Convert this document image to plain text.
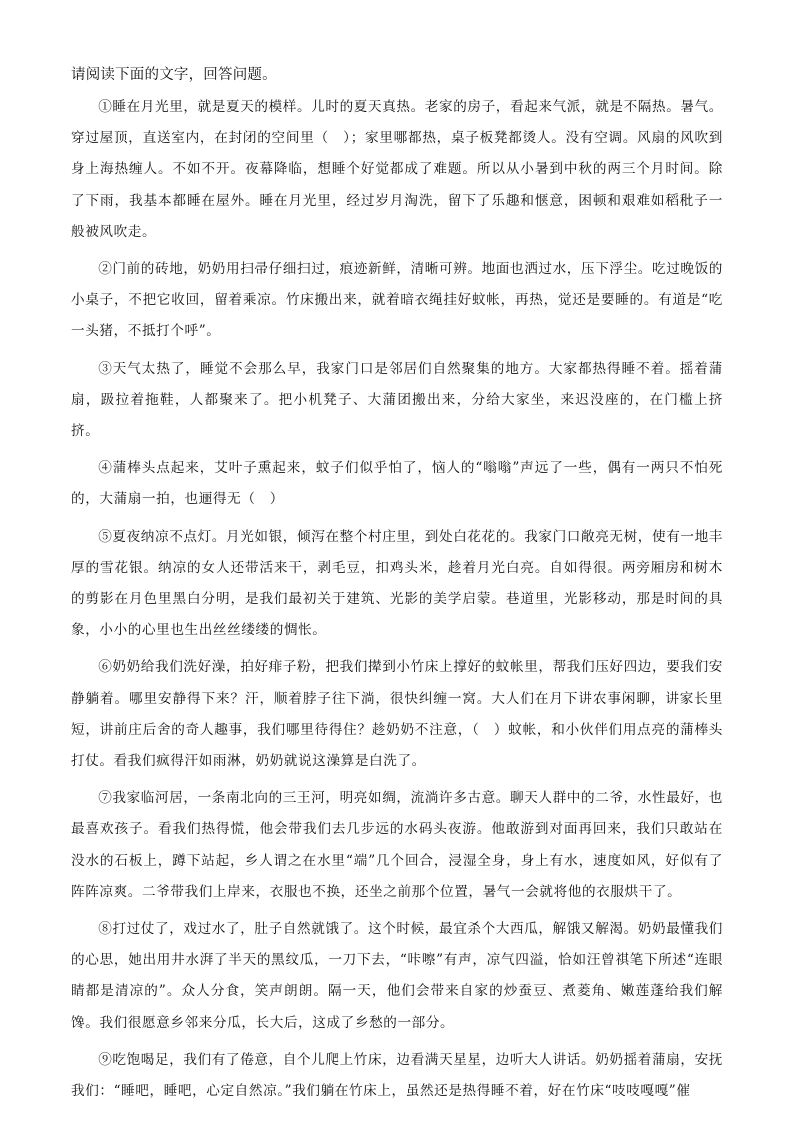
请阅读下面的文字，回答问题。

①睡在月光里，就是夏天的模样。儿时的夏天真热。老家的房子，看起来气派，就是不隔热。暑气。穿过屋顶，直送室内，在封闭的空间里（　）；家里哪都热，桌子板凳都烫人。没有空调。风扇的风吹到身上海热缠人。不如不开。夜幕降临，想睡个好觉都成了难题。所以从小暑到中秋的两三个月时间。除了下雨，我基本都睡在屋外。睡在月光里，经过岁月淘洗，留下了乐趣和惬意，困顿和艰难如稻秕子一般被风吹走。

②门前的砖地，奶奶用扫帚仔细扫过，痕迹新鲜，清晰可辨。地面也洒过水，压下浮尘。吃过晚饭的小桌子，不把它收回，留着乘凉。竹床搬出来，就着暗衣绳挂好蚊帐，再热，觉还是要睡的。有道是“吃一头猪，不抵打个呼”。

③天气太热了，睡觉不会那么早，我家门口是邻居们自然聚集的地方。大家都热得睡不着。摇着蒲扇，趿拉着拖鞋，人都聚来了。把小机凳子、大蒲团搬出来，分给大家坐，来迟没座的，在门槛上挤挤。

④蒲棒头点起来，艾叶子熏起来，蚊子们似乎怕了，恼人的“嗡嗡”声远了一些，偶有一两只不怕死的，大蒲扇一拍，也逦得无（　）

⑤夏夜纳凉不点灯。月光如银，倾泻在整个村庄里，到处白花花的。我家门口敞亮无树，使有一地丰厚的雪花银。纳凉的女人还带活来干，剥毛豆，扣鸡头米，趁着月光白亮。自如得很。两旁厢房和树木的剪影在月色里黑白分明，是我们最初关于建筑、光影的美学启蒙。巷道里，光影移动，那是时间的具象，小小的心里也生出丝丝缕缕的惆怅。

⑥奶奶给我们洗好澡，拍好痱子粉，把我们撵到小竹床上撑好的蚊帐里，帮我们压好四边，要我们安静躺着。哪里安静得下来？汗，顺着脖子往下淌，很快纠缠一窝。大人们在月下讲农事闲聊，讲家长里短，讲前庄后舍的奇人趣事，我们哪里待得住？趁奶奶不注意，（　）蚊帐，和小伙伴们用点亮的蒲棒头打仗。看我们疯得汗如雨淋，奶奶就说这澡算是白洗了。

⑦我家临河居，一条南北向的三王河，明亮如绸，流淌许多古意。聊天人群中的二爷，水性最好，也最喜欢孩子。看我们热得慌，他会带我们去几步远的水码头夜游。他敢游到对面再回来，我们只敢站在没水的石板上，蹲下站起，乡人谓之在水里“端”几个回合，浸湿全身，身上有水，速度如风，好似有了阵阵凉爽。二爷带我们上岸来，衣服也不换，还坐之前那个位置，暑气一会就将他的衣服烘干了。

⑧打过仗了，戏过水了，肚子自然就饿了。这个时候，最宜杀个大西瓜，解饿又解渴。奶奶最懂我们的心思，她出用井水湃了半天的黑纹瓜，一刀下去，“咔嚓”有声，凉气四溢，恰如汪曾祺笔下所述“连眼睛都是清凉的”。众人分食，笑声朗朗。隔一天，他们会带来自家的炒蚕豆、煮菱角、嫩莲蓬给我们解馋。我们很愿意乡邻来分瓜，长大后，这成了乡愁的一部分。

⑨吃饱喝足，我们有了倦意，自个儿爬上竹床，边看满天星星，边听大人讲话。奶奶摇着蒲扇，安抚我们：“睡吧，睡吧，心定自然凉。”我们躺在竹床上，虽然还是热得睡不着，好在竹床“吱吱嘎嘎”催
